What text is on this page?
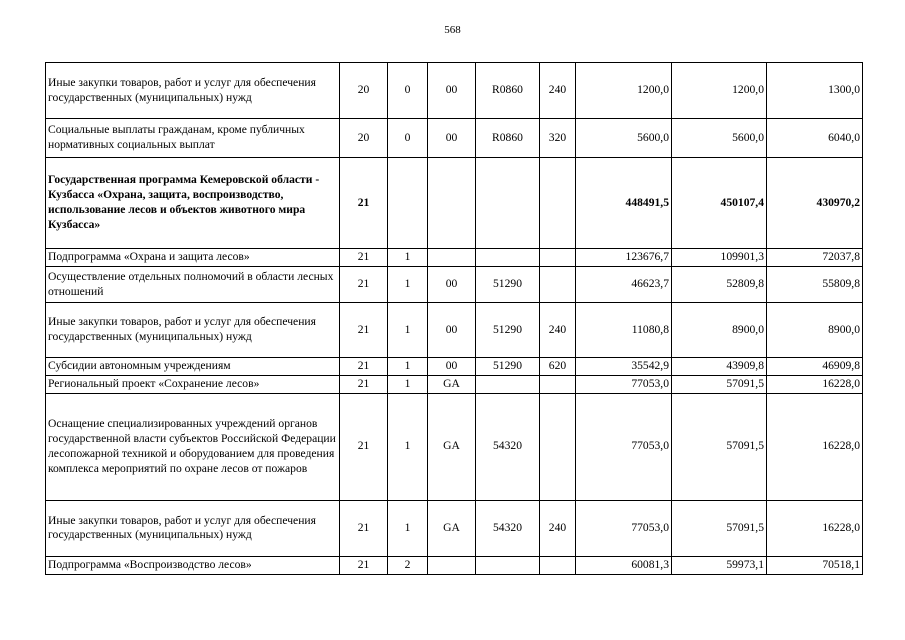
568
Иные закупки товаров, работ и услуг для обеспечения государственных (муниципальных) нужд	20	0	00	R0860	240	1200,0	1200,0	1300,0
Социальные выплаты гражданам, кроме публичных нормативных социальных выплат	20	0	00	R0860	320	5600,0	5600,0	6040,0
Государственная программа Кемеровской области - Кузбасса «Охрана, защита, воспроизводство, использование лесов и объектов животного мира Кузбасса»	21					448491,5	450107,4	430970,2
Подпрограмма «Охрана и защита лесов»	21	1				123676,7	109901,3	72037,8
Осуществление отдельных полномочий в области лесных отношений	21	1	00	51290		46623,7	52809,8	55809,8
Иные закупки товаров, работ и услуг для обеспечения государственных (муниципальных) нужд	21	1	00	51290	240	11080,8	8900,0	8900,0
Субсидии автономным учреждениям	21	1	00	51290	620	35542,9	43909,8	46909,8
Региональный проект «Сохранение лесов»	21	1	GA			77053,0	57091,5	16228,0
Оснащение специализированных учреждений органов государственной власти субъектов Российской Федерации лесопожарной техникой и оборудованием для проведения комплекса мероприятий по охране лесов от пожаров	21	1	GA	54320		77053,0	57091,5	16228,0
Иные закупки товаров, работ и услуг для обеспечения государственных (муниципальных) нужд	21	1	GA	54320	240	77053,0	57091,5	16228,0
Подпрограмма «Воспроизводство лесов»	21	2				60081,3	59973,1	70518,1
